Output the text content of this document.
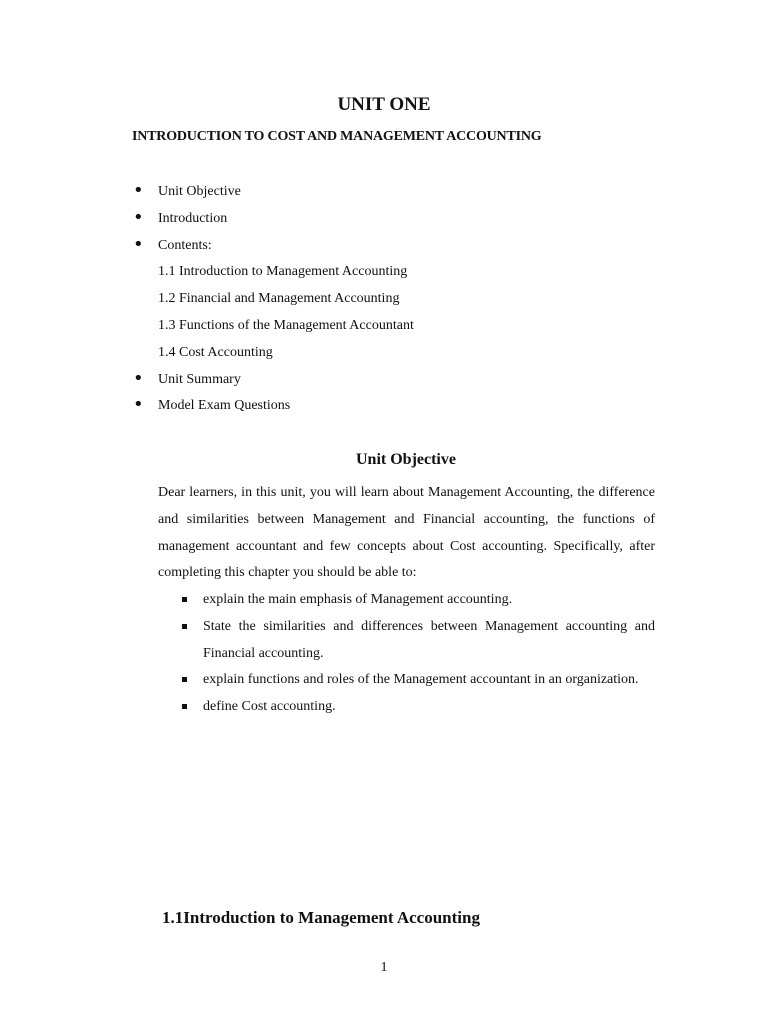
UNIT ONE
INTRODUCTION TO COST AND MANAGEMENT ACCOUNTING
• Unit Objective
• Introduction
• Contents:
1.1 Introduction to Management Accounting
1.2 Financial and Management Accounting
1.3 Functions of the Management Accountant
1.4 Cost Accounting
• Unit Summary
• Model Exam Questions
Unit Objective

Dear learners, in this unit, you will learn about Management Accounting, the difference and similarities between Management and Financial accounting, the functions of management accountant and few concepts about Cost accounting. Specifically, after completing this chapter you should be able to:

explain the main emphasis of Management accounting.
State the similarities and differences between Management accounting and Financial accounting.
explain functions and roles of the Management accountant in an organization.
define Cost accounting.
1.1Introduction to Management Accounting
1
